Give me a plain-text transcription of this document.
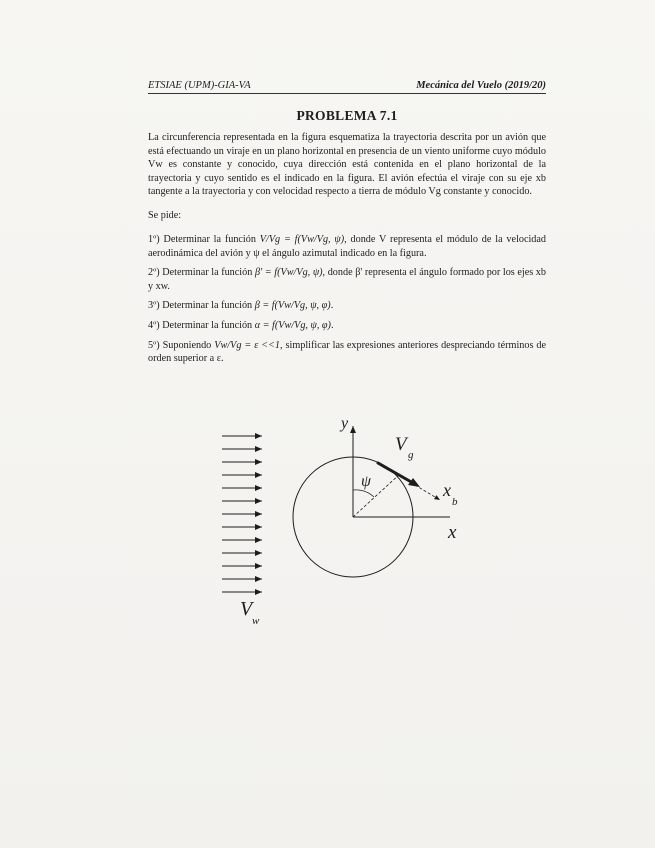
ETSIAE (UPM)-GIA-VA	Mecánica del Vuelo (2019/20)
PROBLEMA 7.1
La circunferencia representada en la figura esquematiza la trayectoria descrita por un avión que está efectuando un viraje en un plano horizontal en presencia de un viento uniforme cuyo módulo Vw es constante y conocido, cuya dirección está contenida en el plano horizontal de la trayectoria y cuyo sentido es el indicado en la figura. El avión efectúa el viraje con su eje xb tangente a la trayectoria y con velocidad respecto a tierra de módulo Vg constante y conocido.
Se pide:

1º) Determinar la función V/Vg = f(Vw/Vg, ψ), donde V representa el módulo de la velocidad aerodinámica del avión y ψ el ángulo azimutal indicado en la figura.

2º) Determinar la función β' = f(Vw/Vg, ψ), donde β' representa el ángulo formado por los ejes xb y xw.

3º) Determinar la función β = f(Vw/Vg, ψ, φ).

4º) Determinar la función α = f(Vw/Vg, ψ, φ).

5º) Suponiendo Vw/Vg = ε <<1, simplificar las expresiones anteriores despreciando términos de orden superior a ε.

y
x
x
b
V g
ψ
V
w
